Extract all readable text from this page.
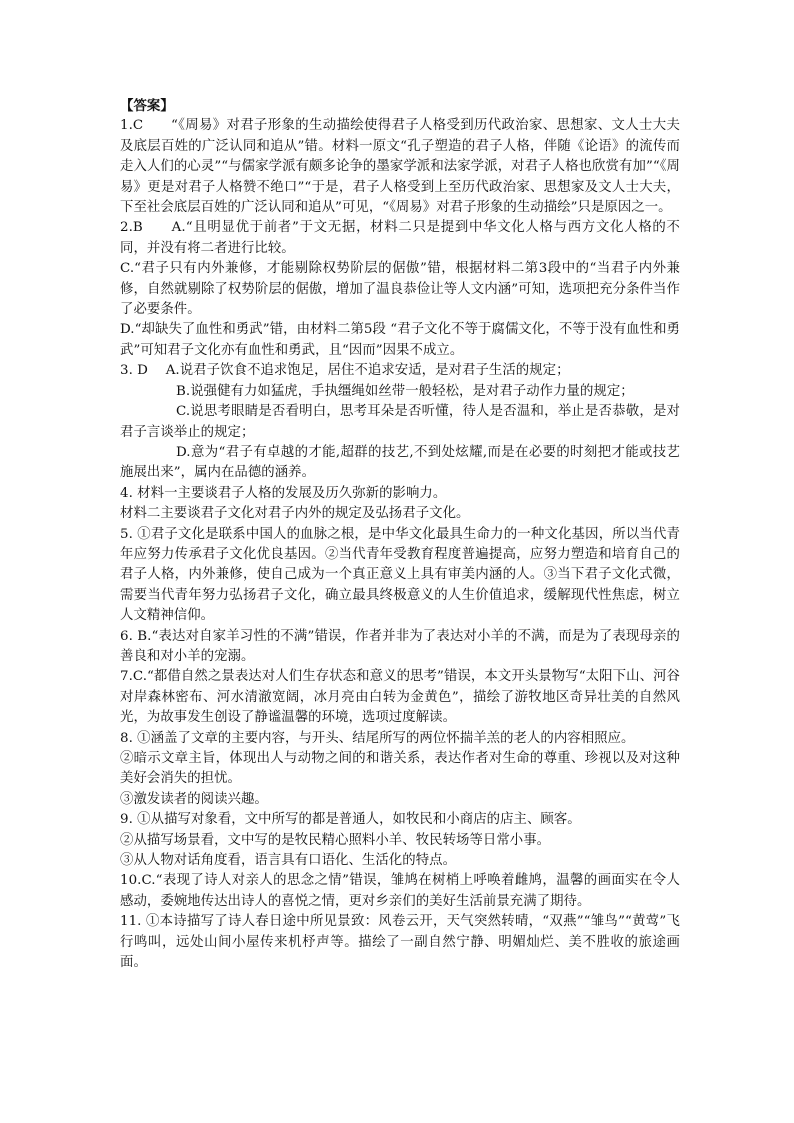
【答案】

1.C　　“《周易》对君子形象的生动描绘使得君子人格受到历代政治家、思想家、文人士大夫及底层百姓的广泛认同和追从”错。材料一原文“孔子塑造的君子人格，伴随《论语》的流传而走入人们的心灵”“与儒家学派有颇多论争的墨家学派和法家学派，对君子人格也欣赏有加”“《周易》更是对君子人格赞不绝口”“于是，君子人格受到上至历代政治家、思想家及文人士大夫，下至社会底层百姓的广泛认同和追从”可见，“《周易》对君子形象的生动描绘”只是原因之一。

2.B　　A.“且明显优于前者”于文无据，材料二只是提到中华文化人格与西方文化人格的不同，并没有将二者进行比较。

C.“君子只有内外兼修，才能剔除权势阶层的倨傲”错，根据材料二第3段中的“当君子内外兼修，自然就剔除了权势阶层的倨傲，增加了温良恭俭让等人文内涵”可知，选项把充分条件当作了必要条件。

D.“却缺失了血性和勇武”错，由材料二第5段 “君子文化不等于腐儒文化，不等于没有血性和勇武”可知君子文化亦有血性和勇武，且“因而”因果不成立。

3. D　 A.说君子饮食不追求饱足，居住不追求安适，是对君子生活的规定；

B.说强健有力如猛虎，手执缰绳如丝带一般轻松，是对君子动作力量的规定；

C.说思考眼睛是否看明白，思考耳朵是否听懂，待人是否温和，举止是否恭敬，是对君子言谈举止的规定；

D.意为“君子有卓越的才能,超群的技艺,不到处炫耀,而是在必要的时刻把才能或技艺施展出来”，属内在品德的涵养。

4. 材料一主要谈君子人格的发展及历久弥新的影响力。

材料二主要谈君子文化对君子内外的规定及弘扬君子文化。

5. ①君子文化是联系中国人的血脉之根，是中华文化最具生命力的一种文化基因，所以当代青年应努力传承君子文化优良基因。②当代青年受教育程度普遍提高，应努力塑造和培育自己的君子人格，内外兼修，使自己成为一个真正意义上具有审美内涵的人。③当下君子文化式微，需要当代青年努力弘扬君子文化，确立最具终极意义的人生价值追求，缓解现代性焦虑，树立人文精神信仰。

6. B.“表达对自家羊习性的不满”错误，作者并非为了表达对小羊的不满，而是为了表现母亲的善良和对小羊的宠溺。

7.C.“都借自然之景表达对人们生存状态和意义的思考”错误，本文开头景物写“太阳下山、河谷对岸森林密布、河水清澈宽阔，冰月亮由白转为金黄色”，描绘了游牧地区奇异壮美的自然风光，为故事发生创设了静谧温馨的环境，选项过度解读。

8. ①涵盖了文章的主要内容，与开头、结尾所写的两位怀揣羊羔的老人的内容相照应。

②暗示文章主旨，体现出人与动物之间的和谐关系，表达作者对生命的尊重、珍视以及对这种美好会消失的担忧。

③激发读者的阅读兴趣。

9. ①从描写对象看，文中所写的都是普通人，如牧民和小商店的店主、顾客。

②从描写场景看，文中写的是牧民精心照料小羊、牧民转场等日常小事。

③从人物对话角度看，语言具有口语化、生活化的特点。

10.C.“表现了诗人对亲人的思念之情”错误，雏鸠在树梢上呼唤着雌鸠，温馨的画面实在令人感动，委婉地传达出诗人的喜悦之情，更对乡亲们的美好生活前景充满了期待。

11. ①本诗描写了诗人春日途中所见景致：风卷云开，天气突然转晴，“双燕”“雏鸟”“黄莺”飞行鸣叫，远处山间小屋传来机杼声等。描绘了一副自然宁静、明媚灿烂、美不胜收的旅途画面。
